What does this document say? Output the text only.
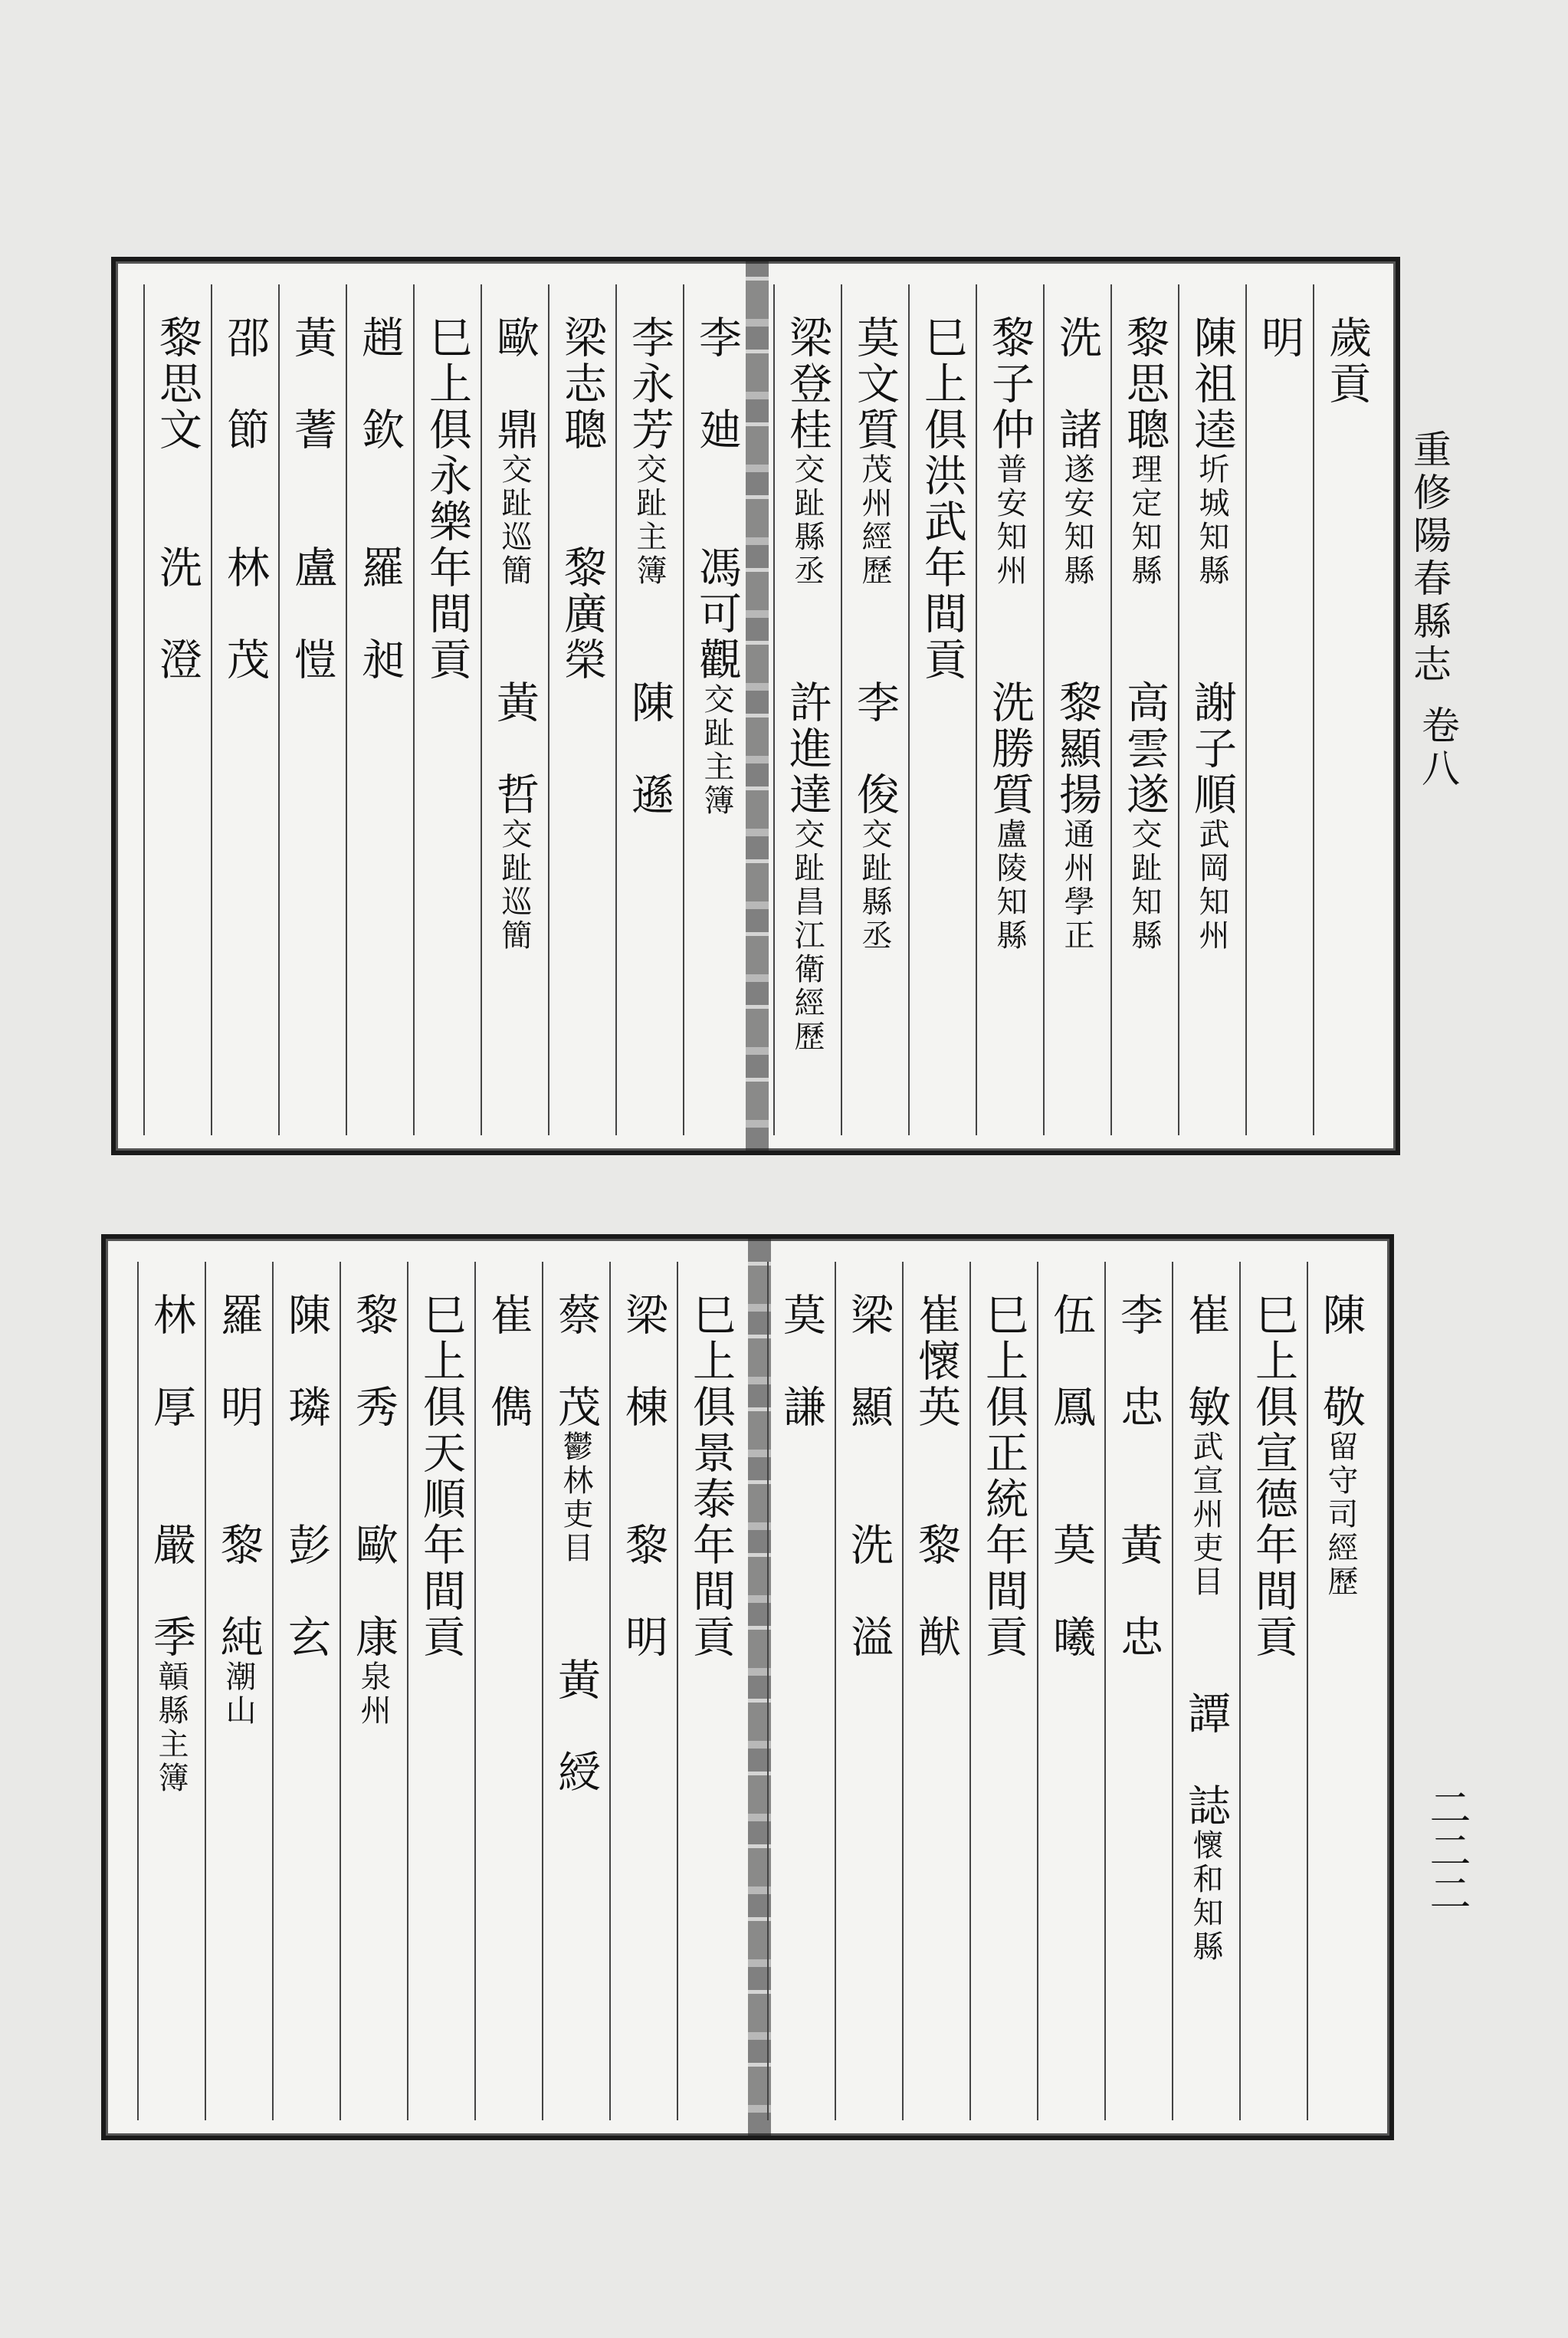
重修陽春縣志
卷八
二二二
歲貢
明
陳祖逵圻城知縣謝子順武岡知州
黎思聰理定知縣高雲遂交趾知縣
洗　諸遂安知縣黎顯揚通州學正
黎子仲普安知州洗勝質盧陵知縣
巳上俱洪武年間貢
莫文質茂州經歷李　俊交趾縣丞
梁登桂交趾縣丞許進達交趾昌江衛經歷
李　廸馮可觀交趾主簿
李永芳交趾主簿陳　遜
梁志聰黎廣榮
歐　鼎交趾巡簡黃　哲交趾巡簡
巳上俱永樂年間貢
趙　欽羅　昶
黃　蓍盧　愷
邵　節林　茂
黎思文洗　澄
陳　敬留守司經歷
巳上俱宣德年間貢
崔　敏武宣州吏目譚　誌懷和知縣
李　忠黃　忠
伍　鳳莫　曦
巳上俱正統年間貢
崔懷英黎　猷
梁　顯洗　溢
莫　謙
巳上俱景泰年間貢
梁　棟黎　明
蔡　茂鬱林吏目黃　綬
崔　儁
巳上俱天順年間貢
黎　秀歐　康泉州
陳　璘彭　玄
羅　明黎　純潮山
林　厚嚴　季贑縣主簿
